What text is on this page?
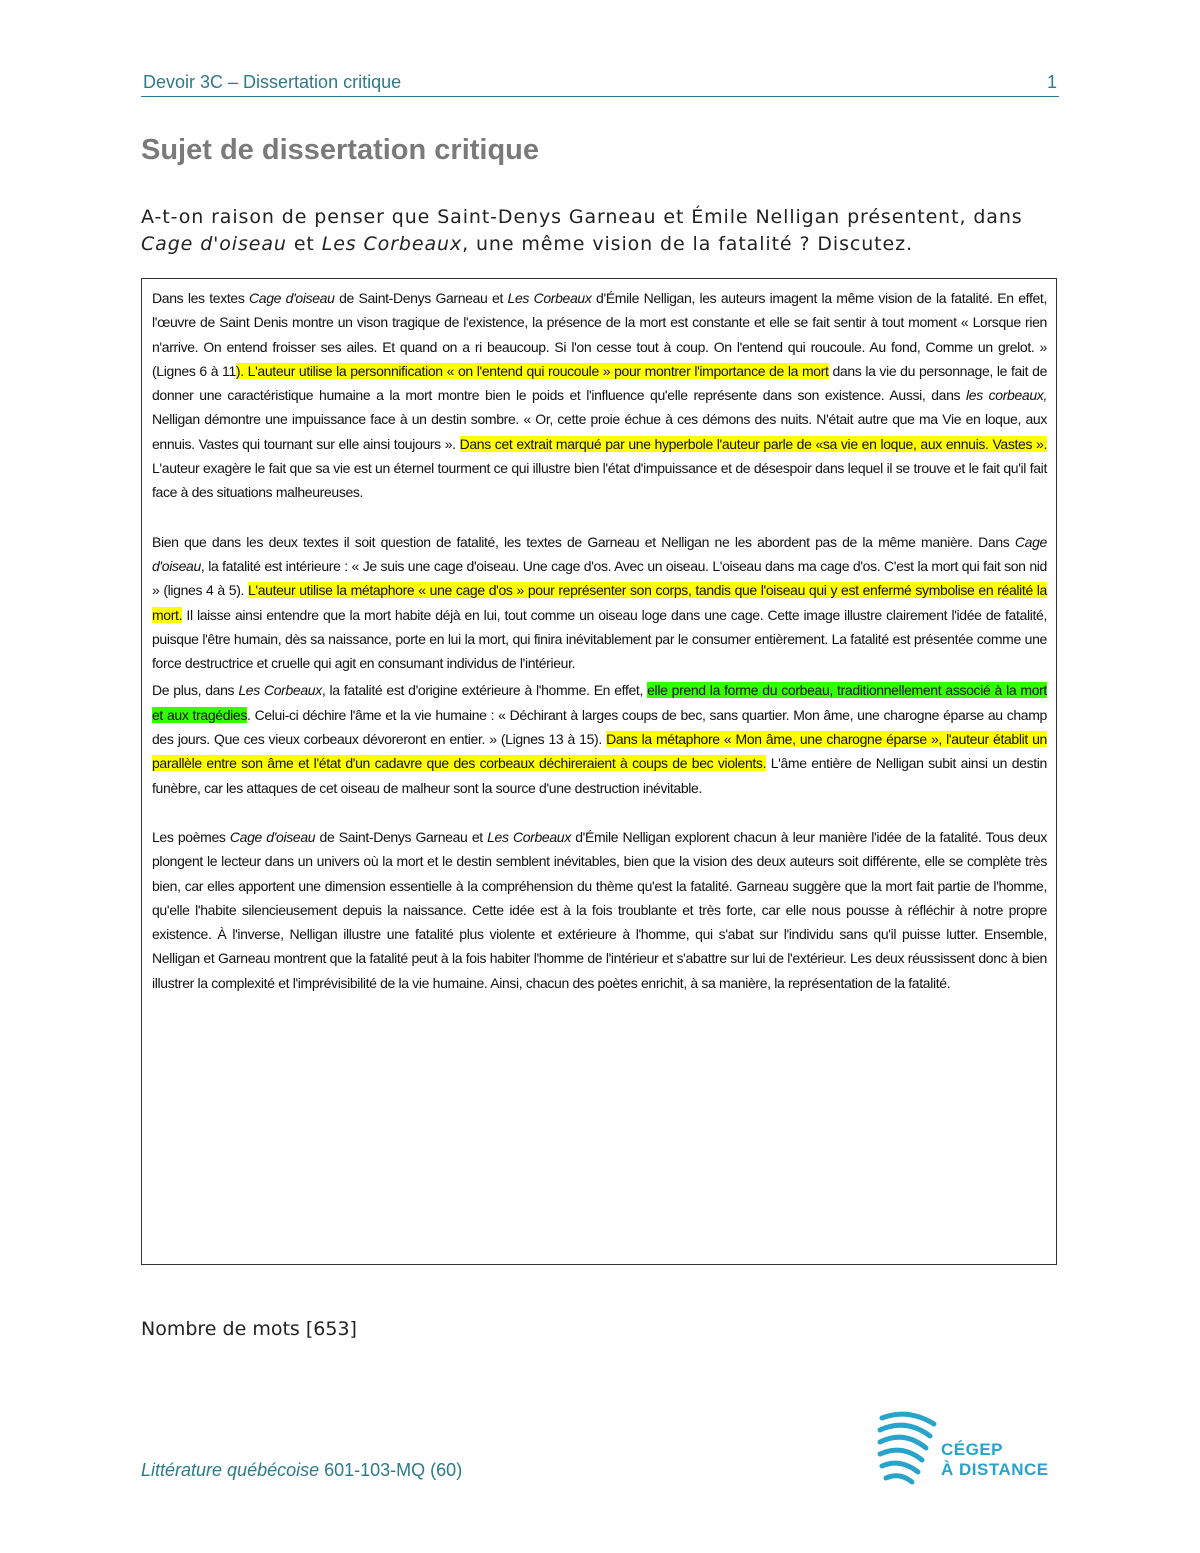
Devoir 3C – Dissertation critique	1
Sujet de dissertation critique
A-t-on raison de penser que Saint-Denys Garneau et Émile Nelligan présentent, dans Cage d'oiseau et Les Corbeaux, une même vision de la fatalité ? Discutez.

Dans les textes Cage d'oiseau de Saint-Denys Garneau et Les Corbeaux d'Émile Nelligan, les auteurs imagent la même vision de la fatalité. En effet, l'œuvre de Saint Denis montre un vison tragique de l'existence, la présence de la mort est constante et elle se fait sentir à tout moment « Lorsque rien n'arrive. On entend froisser ses ailes. Et quand on a ri beaucoup. Si l'on cesse tout à coup. On l'entend qui roucoule. Au fond, Comme un grelot. » (Lignes 6 à 11). L'auteur utilise la personnification « on l'entend qui roucoule » pour montrer l'importance de la mort dans la vie du personnage, le fait de donner une caractéristique humaine a la mort montre bien le poids et l'influence qu'elle représente dans son existence. Aussi, dans les corbeaux, Nelligan démontre une impuissance face à un destin sombre. « Or, cette proie échue à ces démons des nuits. N'était autre que ma Vie en loque, aux ennuis. Vastes qui tournant sur elle ainsi toujours ». Dans cet extrait marqué par une hyperbole l'auteur parle de «sa vie en loque, aux ennuis. Vastes ». L'auteur exagère le fait que sa vie est un éternel tourment ce qui illustre bien l'état d'impuissance et de désespoir dans lequel il se trouve et le fait qu'il fait face à des situations malheureuses.

Bien que dans les deux textes il soit question de fatalité, les textes de Garneau et Nelligan ne les abordent pas de la même manière. Dans Cage d'oiseau, la fatalité est intérieure : « Je suis une cage d'oiseau. Une cage d'os. Avec un oiseau. L'oiseau dans ma cage d'os. C'est la mort qui fait son nid » (lignes 4 à 5). L'auteur utilise la métaphore « une cage d'os » pour représenter son corps, tandis que l'oiseau qui y est enfermé symbolise en réalité la mort. Il laisse ainsi entendre que la mort habite déjà en lui, tout comme un oiseau loge dans une cage. Cette image illustre clairement l'idée de fatalité, puisque l'être humain, dès sa naissance, porte en lui la mort, qui finira inévitablement par le consumer entièrement. La fatalité est présentée comme une force destructrice et cruelle qui agit en consumant individus de l'intérieur.

De plus, dans Les Corbeaux, la fatalité est d'origine extérieure à l'homme. En effet, elle prend la forme du corbeau, traditionnellement associé à la mort et aux tragédies. Celui-ci déchire l'âme et la vie humaine : « Déchirant à larges coups de bec, sans quartier. Mon âme, une charogne éparse au champ des jours. Que ces vieux corbeaux dévoreront en entier. » (Lignes 13 à 15). Dans la métaphore « Mon âme, une charogne éparse », l'auteur établit un parallèle entre son âme et l'état d'un cadavre que des corbeaux déchireraient à coups de bec violents. L'âme entière de Nelligan subit ainsi un destin funèbre, car les attaques de cet oiseau de malheur sont la source d'une destruction inévitable.

Les poèmes Cage d'oiseau de Saint-Denys Garneau et Les Corbeaux d'Émile Nelligan explorent chacun à leur manière l'idée de la fatalité. Tous deux plongent le lecteur dans un univers où la mort et le destin semblent inévitables, bien que la vision des deux auteurs soit différente, elle se complète très bien, car elles apportent une dimension essentielle à la compréhension du thème qu'est la fatalité. Garneau suggère que la mort fait partie de l'homme, qu'elle l'habite silencieusement depuis la naissance. Cette idée est à la fois troublante et très forte, car elle nous pousse à réfléchir à notre propre existence. À l'inverse, Nelligan illustre une fatalité plus violente et extérieure à l'homme, qui s'abat sur l'individu sans qu'il puisse lutter. Ensemble, Nelligan et Garneau montrent que la fatalité peut à la fois habiter l'homme de l'intérieur et s'abattre sur lui de l'extérieur. Les deux réussissent donc à bien illustrer la complexité et l'imprévisibilité de la vie humaine. Ainsi, chacun des poètes enrichit, à sa manière, la représentation de la fatalité.

Nombre de mots [653]
Littérature québécoise 601-103-MQ (60)
CÉGEP
À DISTANCE
